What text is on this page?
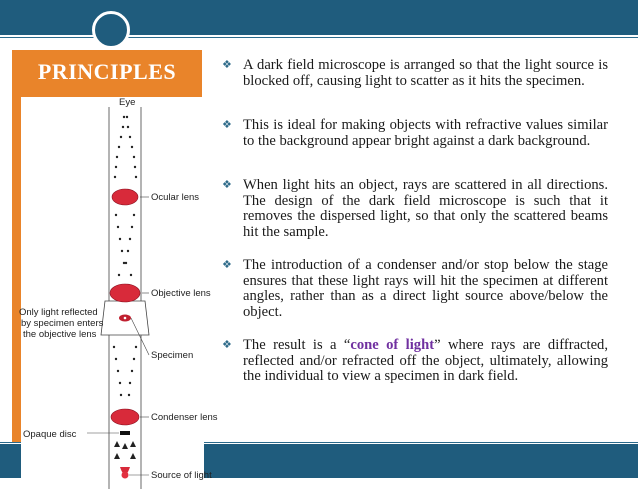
PRINCIPLES
Eye
Ocular lens
Objective lens
Specimen
Condenser lens
Source of light
Opaque disc
Only light reflected
by specimen enters
the objective lens
❖ A dark field microscope is arranged so that the light source is blocked off, causing light to scatter as it hits the specimen.
❖ This is ideal for making objects with refractive values similar to the background appear bright against a dark background.
❖ When light hits an object, rays are scattered in all directions. The design of the dark field microscope is such that it removes the dispersed light, so that only the scattered beams hit the sample.
❖ The introduction of a condenser and/or stop below the stage ensures that these light rays will hit the specimen at different angles, rather than as a direct light source above/below the object.
❖ The result is a “cone of light” where rays are diffracted, reflected and/or refracted off the object, ultimately, allowing the individual to view a specimen in dark field.
